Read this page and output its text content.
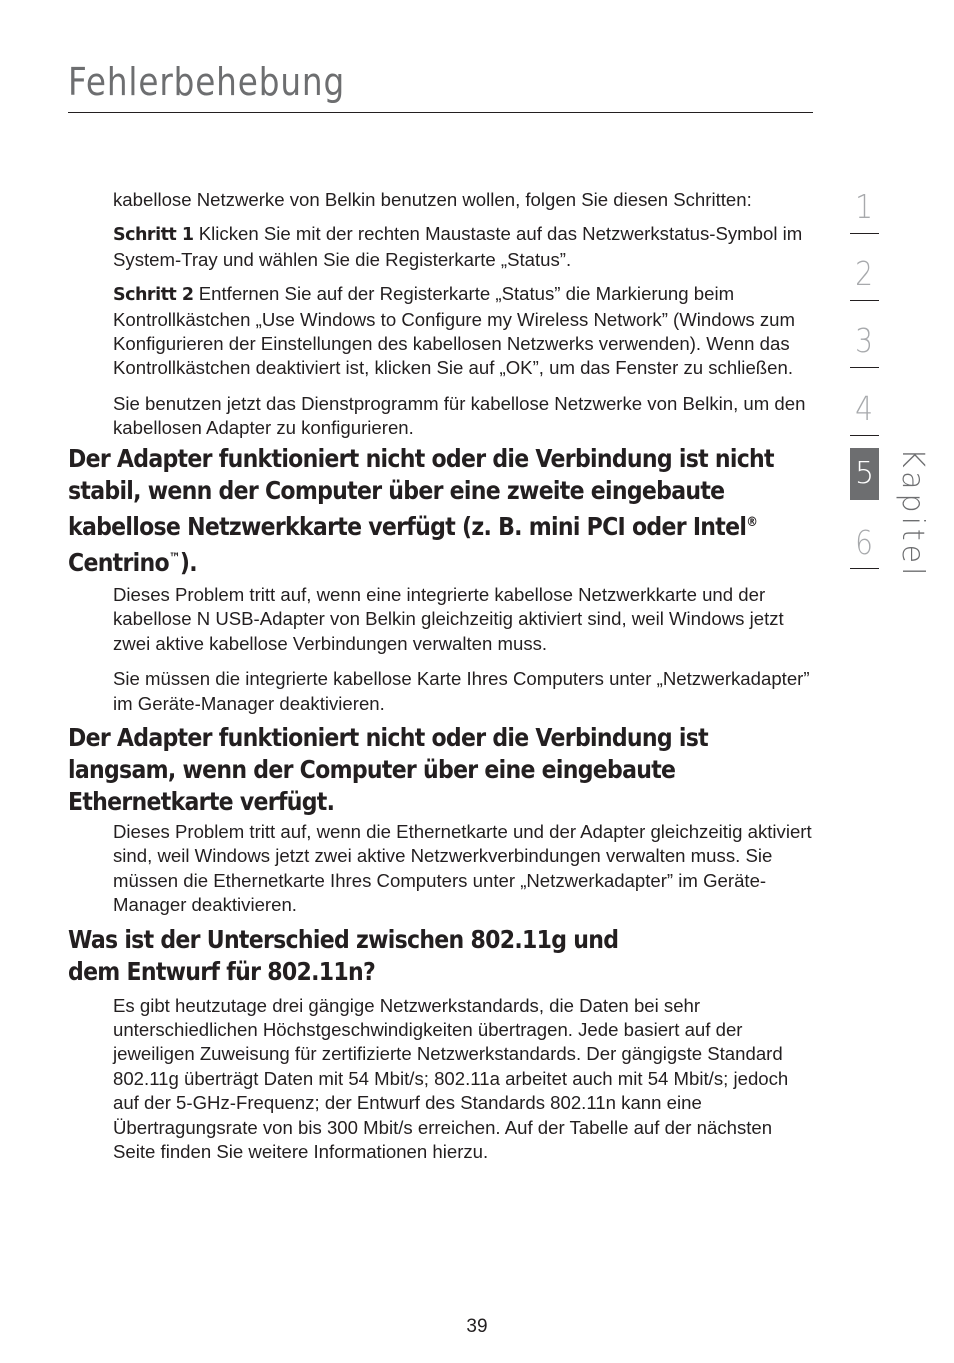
Fehlerbehebung

kabellose Netzwerke von Belkin benutzen wollen, folgen Sie diesen Schritten:

Schritt 1 Klicken Sie mit der rechten Maustaste auf das Netzwerkstatus-Symbol im System-Tray und wählen Sie die Registerkarte „Status”.

Schritt 2 Entfernen Sie auf der Registerkarte „Status” die Markierung beim Kontrollkästchen „Use Windows to Configure my Wireless Network” (Windows zum Konfigurieren der Einstellungen des kabellosen Netzwerks verwenden). Wenn das Kontrollkästchen deaktiviert ist, klicken Sie auf „OK”, um das Fenster zu schließen.

Sie benutzen jetzt das Dienstprogramm für kabellose Netzwerke von Belkin, um den kabellosen Adapter zu konfigurieren.

Der Adapter funktioniert nicht oder die Verbindung ist nicht stabil, wenn der Computer über eine zweite eingebaute kabellose Netzwerkkarte verfügt (z. B. mini PCI oder Intel® Centrino™).

Dieses Problem tritt auf, wenn eine integrierte kabellose Netzwerkkarte und der kabellose N USB-Adapter von Belkin gleichzeitig aktiviert sind, weil Windows jetzt zwei aktive kabellose Verbindungen verwalten muss.

Sie müssen die integrierte kabellose Karte Ihres Computers unter „Netzwerkadapter” im Geräte-Manager deaktivieren.

Der Adapter funktioniert nicht oder die Verbindung ist langsam, wenn der Computer über eine eingebaute Ethernetkarte verfügt.

Dieses Problem tritt auf, wenn die Ethernetkarte und der Adapter gleichzeitig aktiviert sind, weil Windows jetzt zwei aktive Netzwerkverbindungen verwalten muss. Sie müssen die Ethernetkarte Ihres Computers unter „Netzwerkadapter” im Geräte-Manager deaktivieren.

Was ist der Unterschied zwischen 802.11g und dem Entwurf für 802.11n?

Es gibt heutzutage drei gängige Netzwerkstandards, die Daten bei sehr unterschiedlichen Höchstgeschwindigkeiten übertragen. Jede basiert auf der jeweiligen Zuweisung für zertifizierte Netzwerkstandards. Der gängigste Standard 802.11g überträgt Daten mit 54 Mbit/s; 802.11a arbeitet auch mit 54 Mbit/s; jedoch auf der 5-GHz-Frequenz; der Entwurf des Standards 802.11n kann eine Übertragungsrate von bis 300 Mbit/s erreichen. Auf der Tabelle auf der nächsten Seite finden Sie weitere Informationen hierzu.

1
2
3
4
5
6 Kapitel
39
